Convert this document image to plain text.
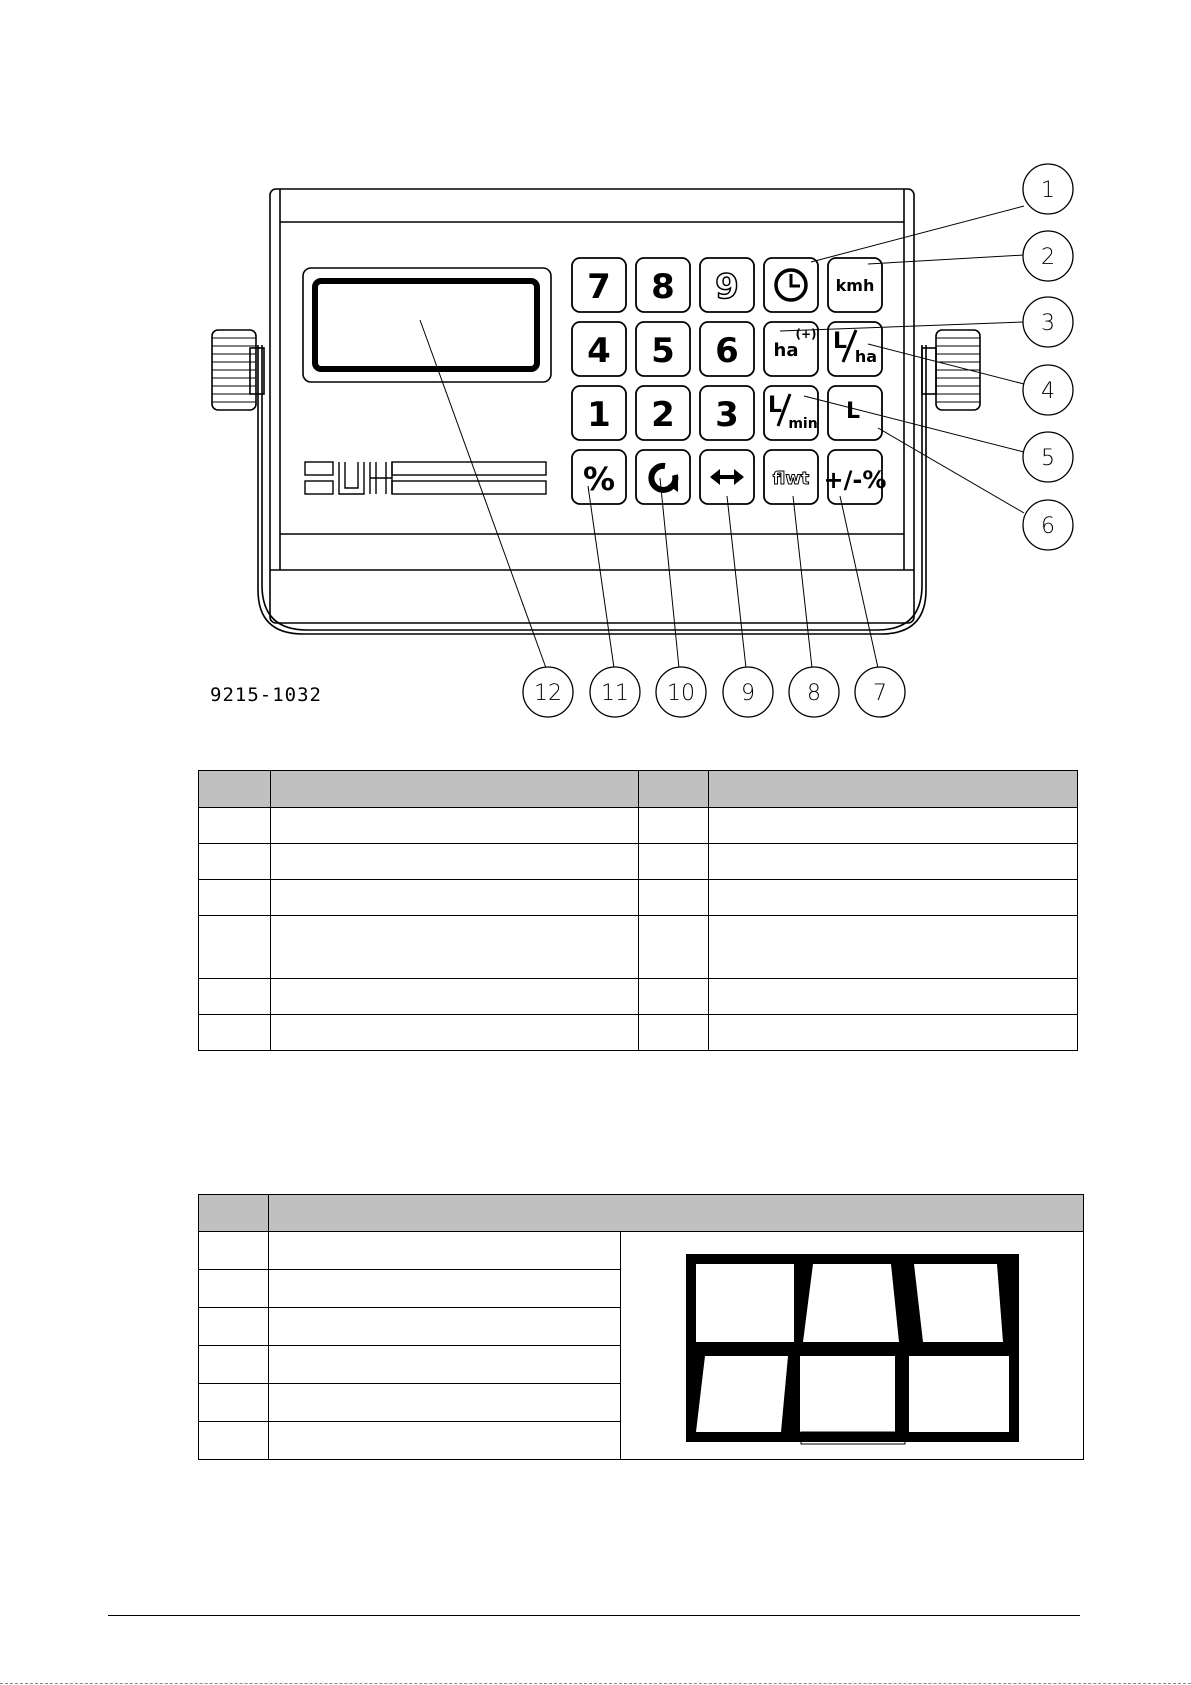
7 8 9	kmh
4 5 6 ha
(+) L
ha
1 2 3 L
min L
%	flwt +/-%
1
2
3
4
5
6
7
8
9
10
11
12
9215-1032
